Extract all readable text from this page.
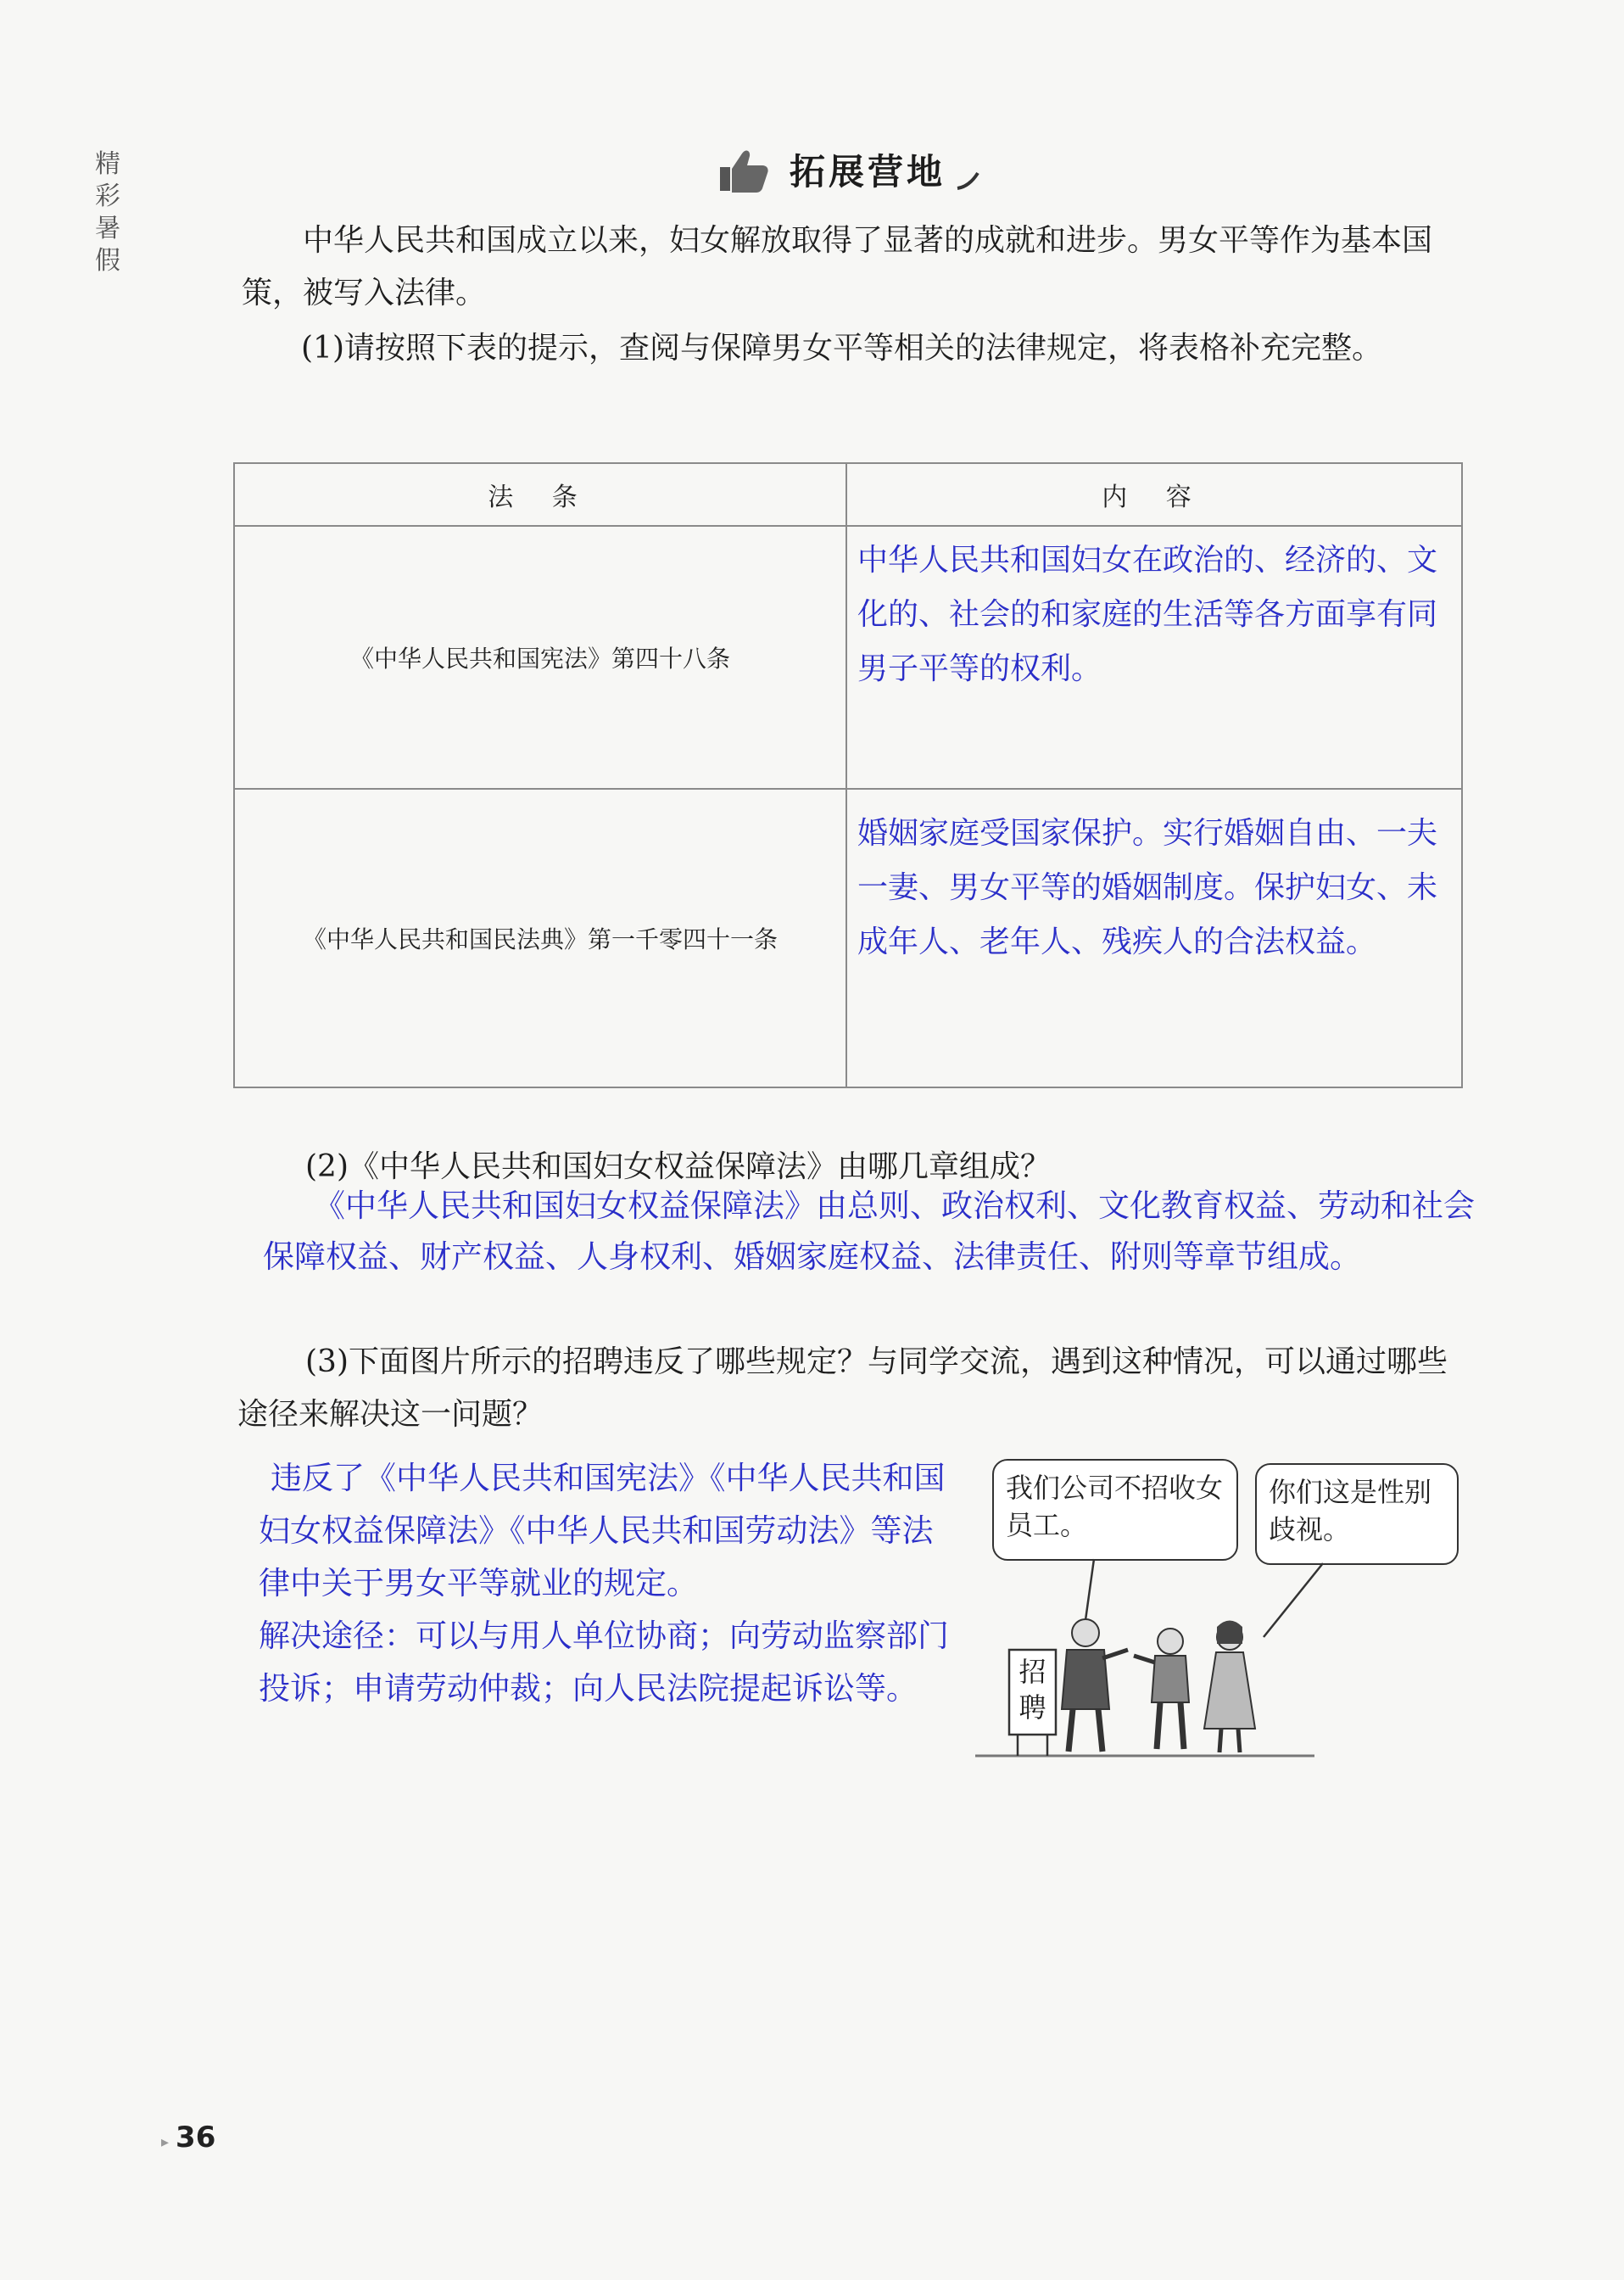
精
彩
暑
假
拓展营地
中华人民共和国成立以来，妇女解放取得了显著的成就和进步。男女平等作为基本国策，被写入法律。
(1)请按照下表的提示，查阅与保障男女平等相关的法律规定，将表格补充完整。
法 条	内 容
《中华人民共和国宪法》第四十八条	中华人民共和国妇女在政治的、经济的、文化的、社会的和家庭的生活等各方面享有同男子平等的权利。
《中华人民共和国民法典》第一千零四十一条	婚姻家庭受国家保护。实行婚姻自由、一夫一妻、男女平等的婚姻制度。保护妇女、未成年人、老年人、残疾人的合法权益。
(2)《中华人民共和国妇女权益保障法》由哪几章组成？
《中华人民共和国妇女权益保障法》由总则、政治权利、文化教育权益、劳动和社会保障权益、财产权益、人身权利、婚姻家庭权益、法律责任、附则等章节组成。
(3)下面图片所示的招聘违反了哪些规定？与同学交流，遇到这种情况，可以通过哪些途径来解决这一问题？
违反了《中华人民共和国宪法》《中华人民共和国妇女权益保障法》《中华人民共和国劳动法》等法律中关于男女平等就业的规定。
解决途径：可以与用人单位协商；向劳动监察部门投诉；申请劳动仲裁；向人民法院提起诉讼等。
我们公司不招收女员工。
你们这是性别歧视。
招
聘
▸ 36
